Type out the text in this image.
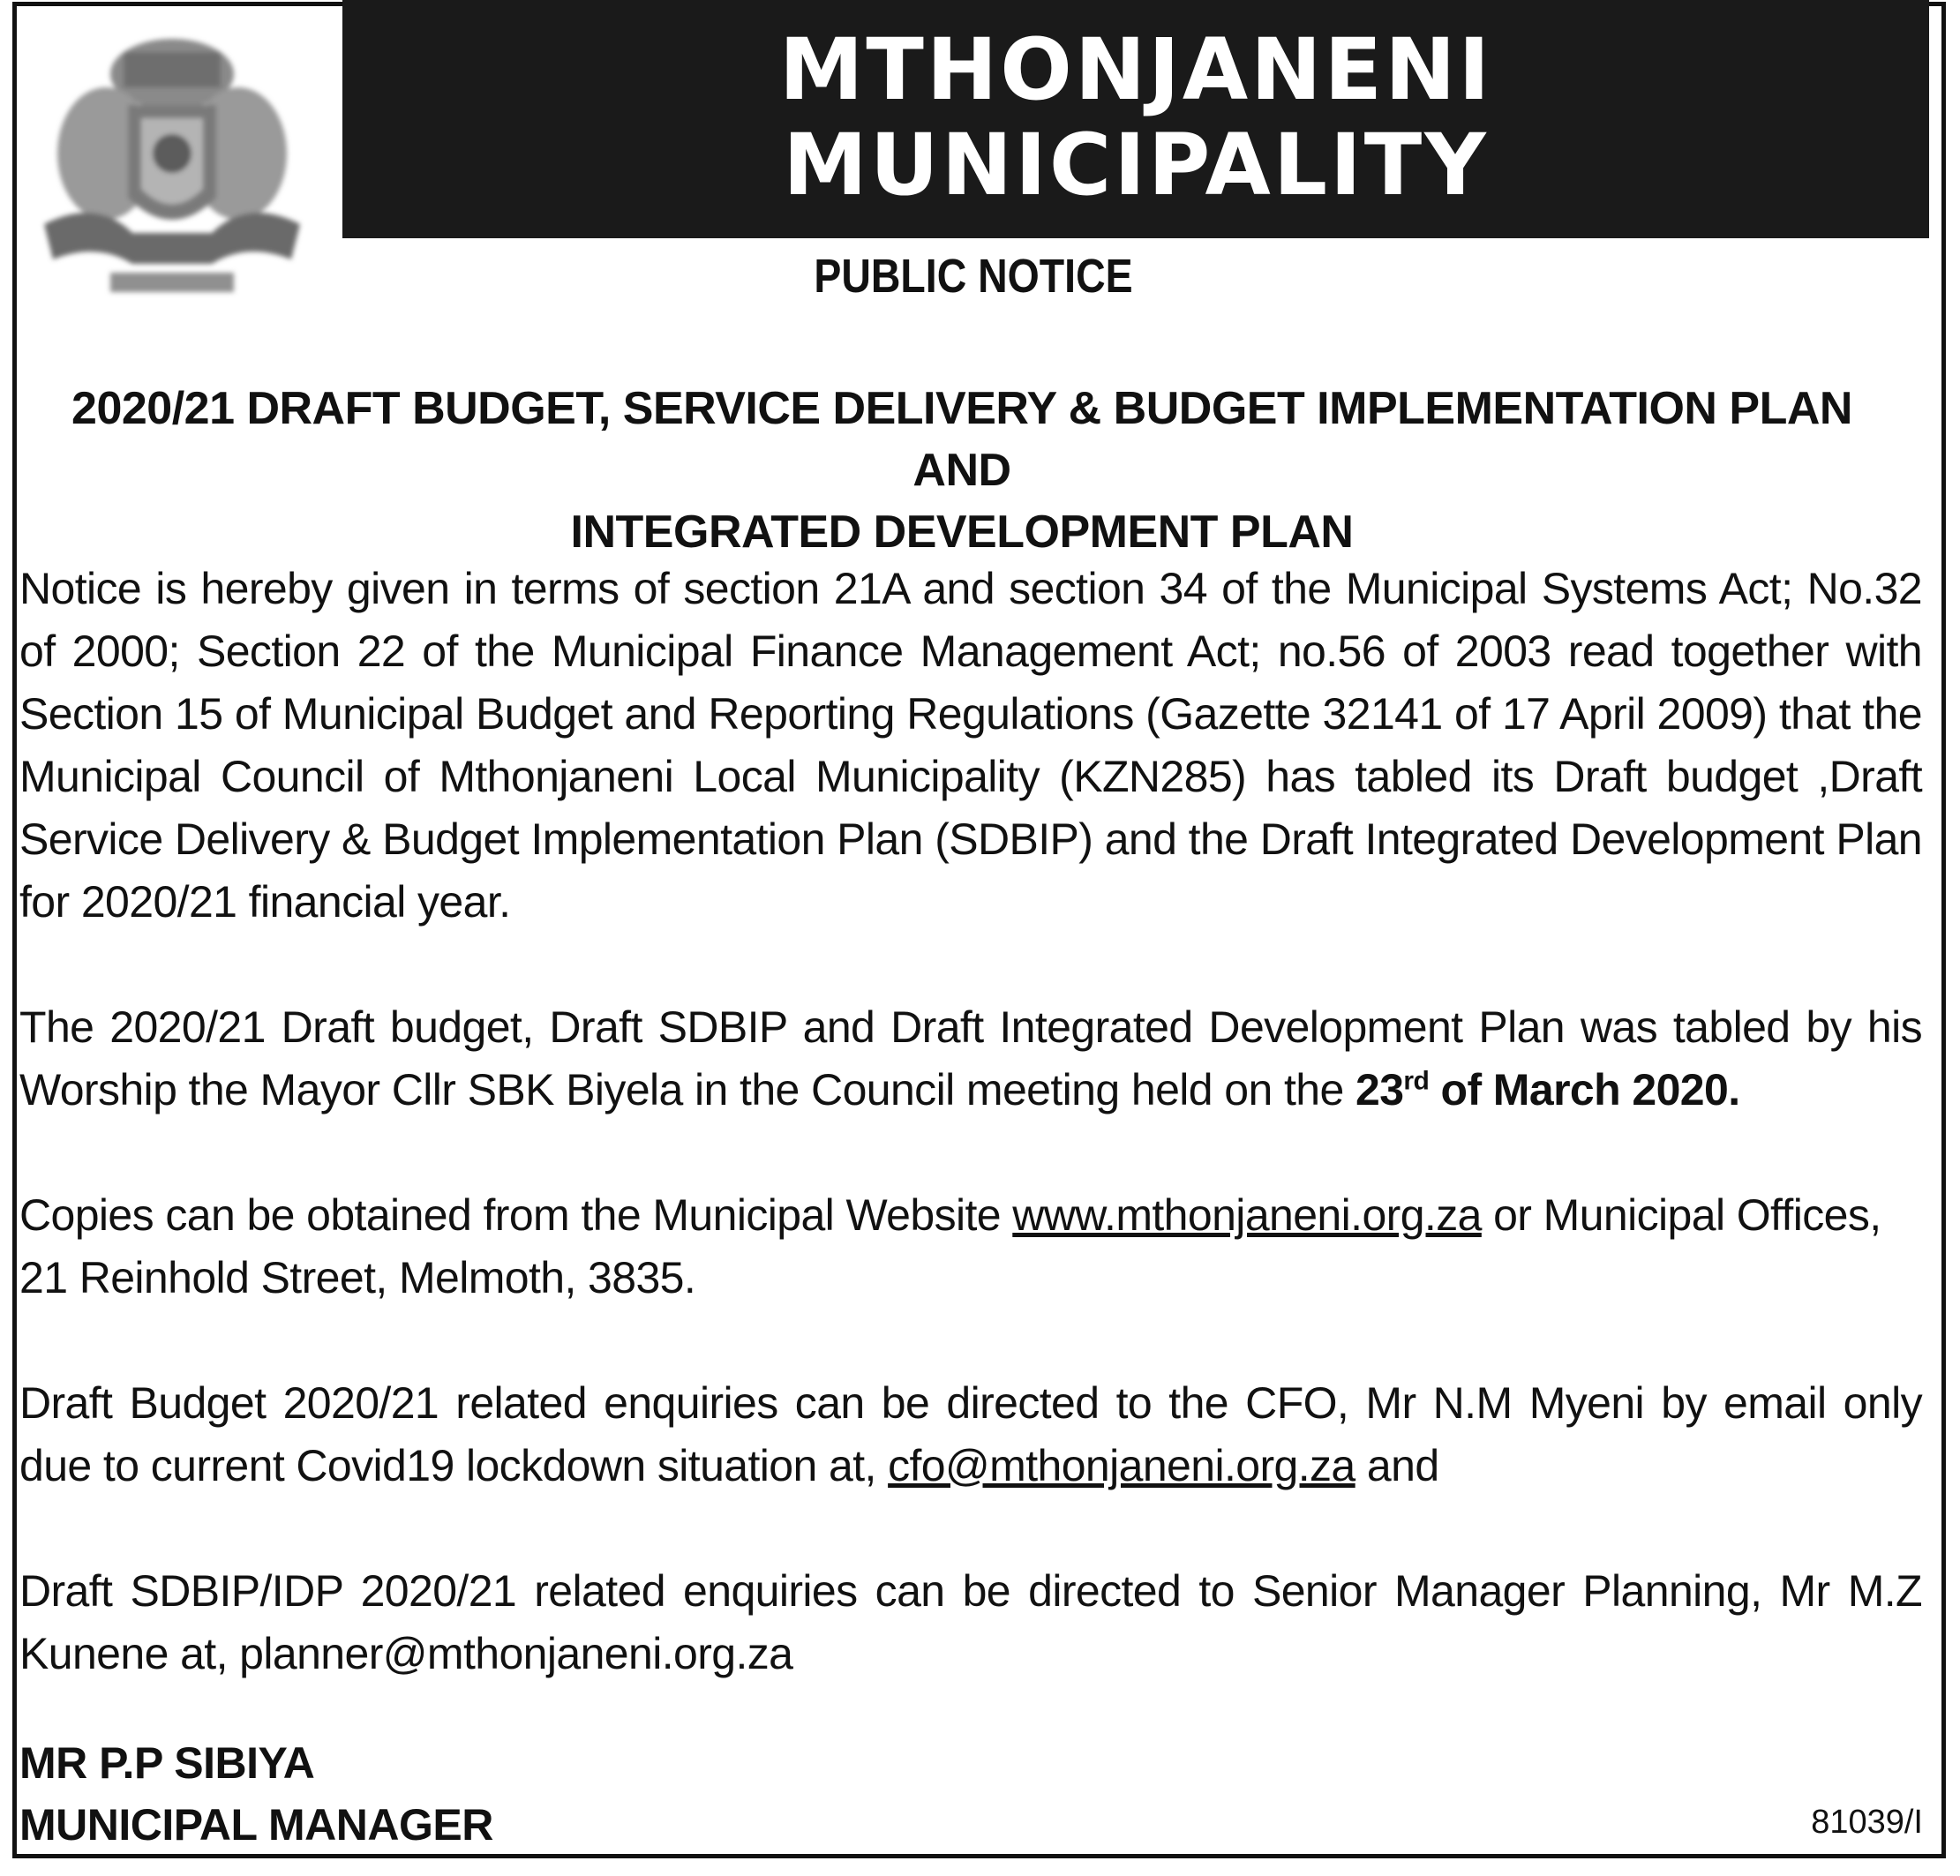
MTHONJANENI
MUNICIPALITY
PUBLIC NOTICE
2020/21 DRAFT BUDGET, SERVICE DELIVERY & BUDGET IMPLEMENTATION PLAN AND
INTEGRATED DEVELOPMENT PLAN

Notice is hereby given in terms of section 21A and section 34 of the Municipal Systems Act; No.32 of 2000; Section 22 of the Municipal Finance Management Act; no.56 of 2003 read together with Section 15 of Municipal Budget and Reporting Regulations (Gazette 32141 of 17 April 2009) that the Municipal Council of Mthonjaneni Local Municipality (KZN285) has tabled its Draft budget ,Draft Service Delivery & Budget Implementation Plan (SDBIP) and the Draft Integrated Development Plan for 2020/21 financial year.

The 2020/21 Draft budget, Draft SDBIP and Draft Integrated Development Plan was tabled by his Worship the Mayor Cllr SBK Biyela in the Council meeting held on the 23rd of March 2020.

Copies can be obtained from the Municipal Website www.mthonjaneni.org.za or Municipal Offices,
21 Reinhold Street, Melmoth, 3835.

Draft Budget 2020/21 related enquiries can be directed to the CFO, Mr N.M Myeni by email only due to current Covid19 lockdown situation at, cfo@mthonjaneni.org.za and

Draft SDBIP/IDP 2020/21 related enquiries can be directed to Senior Manager Planning, Mr M.Z Kunene at, planner@mthonjaneni.org.za

MR P.P SIBIYA
MUNICIPAL MANAGER	81039/I
